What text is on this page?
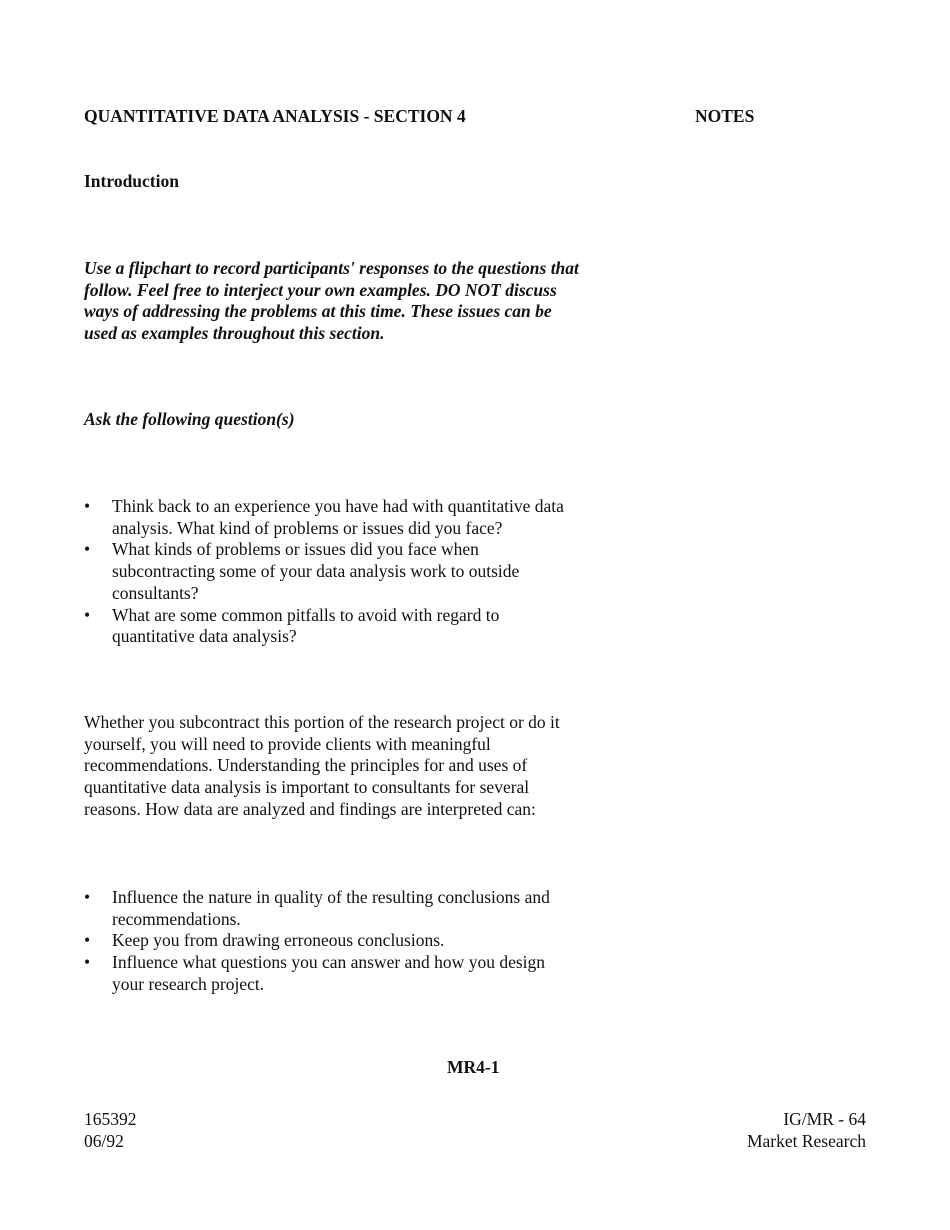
QUANTITATIVE DATA ANALYSIS - SECTION 4	NOTES
Introduction

Use a flipchart to record participants' responses to the questions that follow. Feel free to interject your own examples. DO NOT discuss ways of addressing the problems at this time. These issues can be used as examples throughout this section.

Ask the following question(s)
• Think back to an experience you have had with quantitative data analysis. What kind of problems or issues did you face?
• What kinds of problems or issues did you face when subcontracting some of your data analysis work to outside consultants?
• What are some common pitfalls to avoid with regard to quantitative data analysis?

Whether you subcontract this portion of the research project or do it yourself, you will need to provide clients with meaningful recommendations. Understanding the principles for and uses of quantitative data analysis is important to consultants for several reasons. How data are analyzed and findings are interpreted can:

• Influence the nature in quality of the resulting conclusions and recommendations.
• Keep you from drawing erroneous conclusions.
• Influence what questions you can answer and how you design your research project.
MR4-1
165392
06/92
IG/MR - 64
Market Research
